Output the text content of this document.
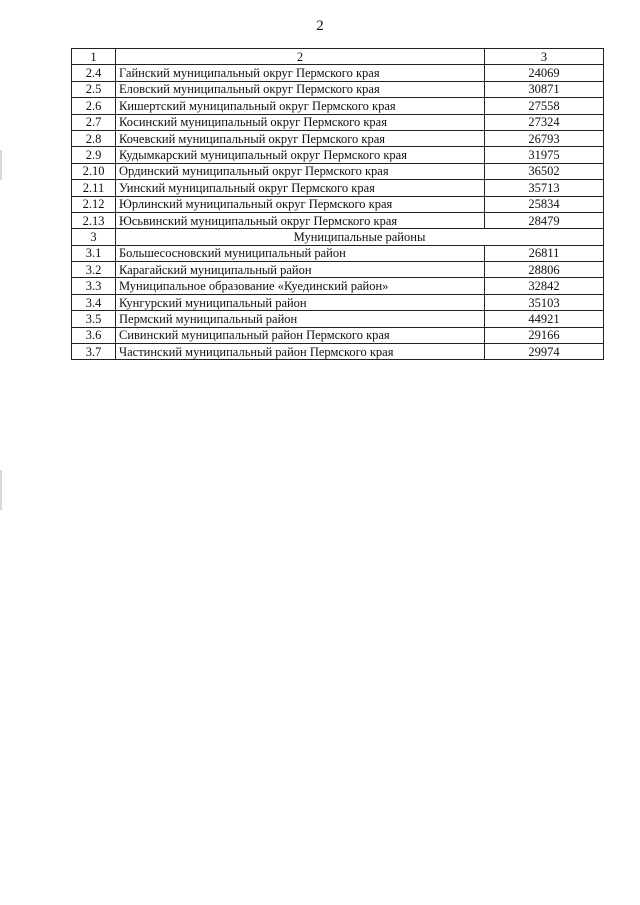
2
1	2	3
2.4	Гайнский муниципальный округ Пермского края	24069
2.5	Еловский муниципальный округ Пермского края	30871
2.6	Кишертский муниципальный округ Пермского края	27558
2.7	Косинский муниципальный округ Пермского края	27324
2.8	Кочевский муниципальный округ Пермского края	26793
2.9	Кудымкарский муниципальный округ Пермского края	31975
2.10	Ординский муниципальный округ Пермского края	36502
2.11	Уинский муниципальный округ Пермского края	35713
2.12	Юрлинский муниципальный округ Пермского края	25834
2.13	Юсьвинский муниципальный округ Пермского края	28479
3	Муниципальные районы	
3.1	Большесосновский муниципальный район	26811
3.2	Карагайский муниципальный район	28806
3.3	Муниципальное образование «Куединский район»	32842
3.4	Кунгурский муниципальный район	35103
3.5	Пермский муниципальный район	44921
3.6	Сивинский муниципальный район Пермского края	29166
3.7	Частинский муниципальный район Пермского края	29974
